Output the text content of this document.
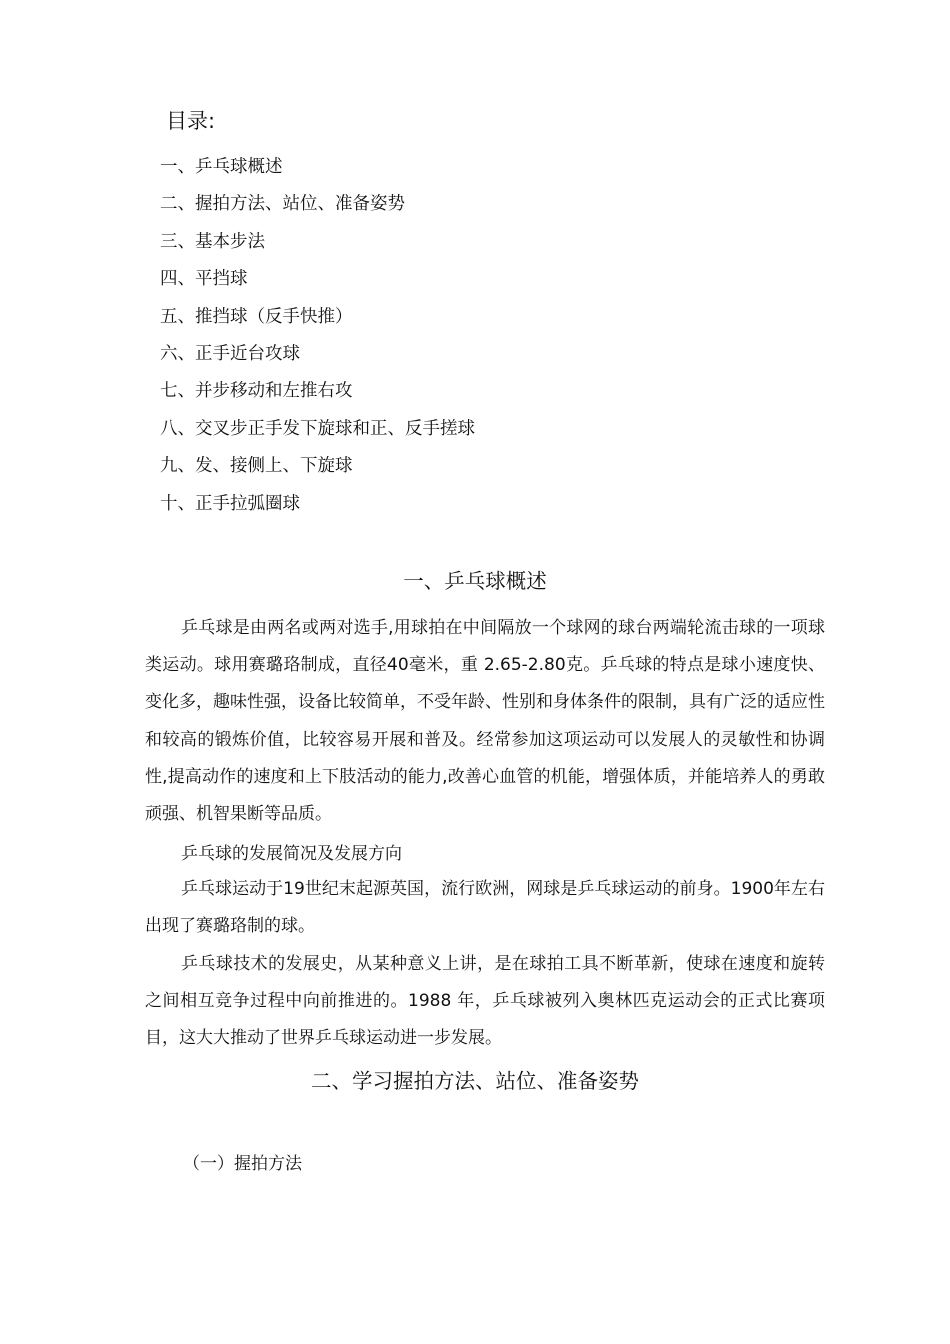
目录:
一、乒乓球概述
二、握拍方法、站位、准备姿势
三、基本步法
四、平挡球
五、推挡球（反手快推）
六、正手近台攻球
七、并步移动和左推右攻
八、交叉步正手发下旋球和正、反手搓球
九、发、接侧上、下旋球
十、正手拉弧圈球
一、乒乓球概述

乒乓球是由两名或两对选手,用球拍在中间隔放一个球网的球台两端轮流击球的一项球类运动。球用赛璐珞制成，直径40毫米，重 2.65-2.80克。乒乓球的特点是球小速度快、变化多，趣味性强，设备比较简单，不受年龄、性别和身体条件的限制，具有广泛的适应性和较高的锻炼价值，比较容易开展和普及。经常参加这项运动可以发展人的灵敏性和协调性,提高动作的速度和上下肢活动的能力,改善心血管的机能，增强体质，并能培养人的勇敢顽强、机智果断等品质。

乒乓球的发展简况及发展方向

乒乓球运动于19世纪末起源英国，流行欧洲，网球是乒乓球运动的前身。1900年左右出现了赛璐珞制的球。

乒乓球技术的发展史，从某种意义上讲，是在球拍工具不断革新，使球在速度和旋转之间相互竞争过程中向前推进的。1988 年，乒乓球被列入奥林匹克运动会的正式比赛项目，这大大推动了世界乒乓球运动进一步发展。

二、学习握拍方法、站位、准备姿势

（一）握拍方法
